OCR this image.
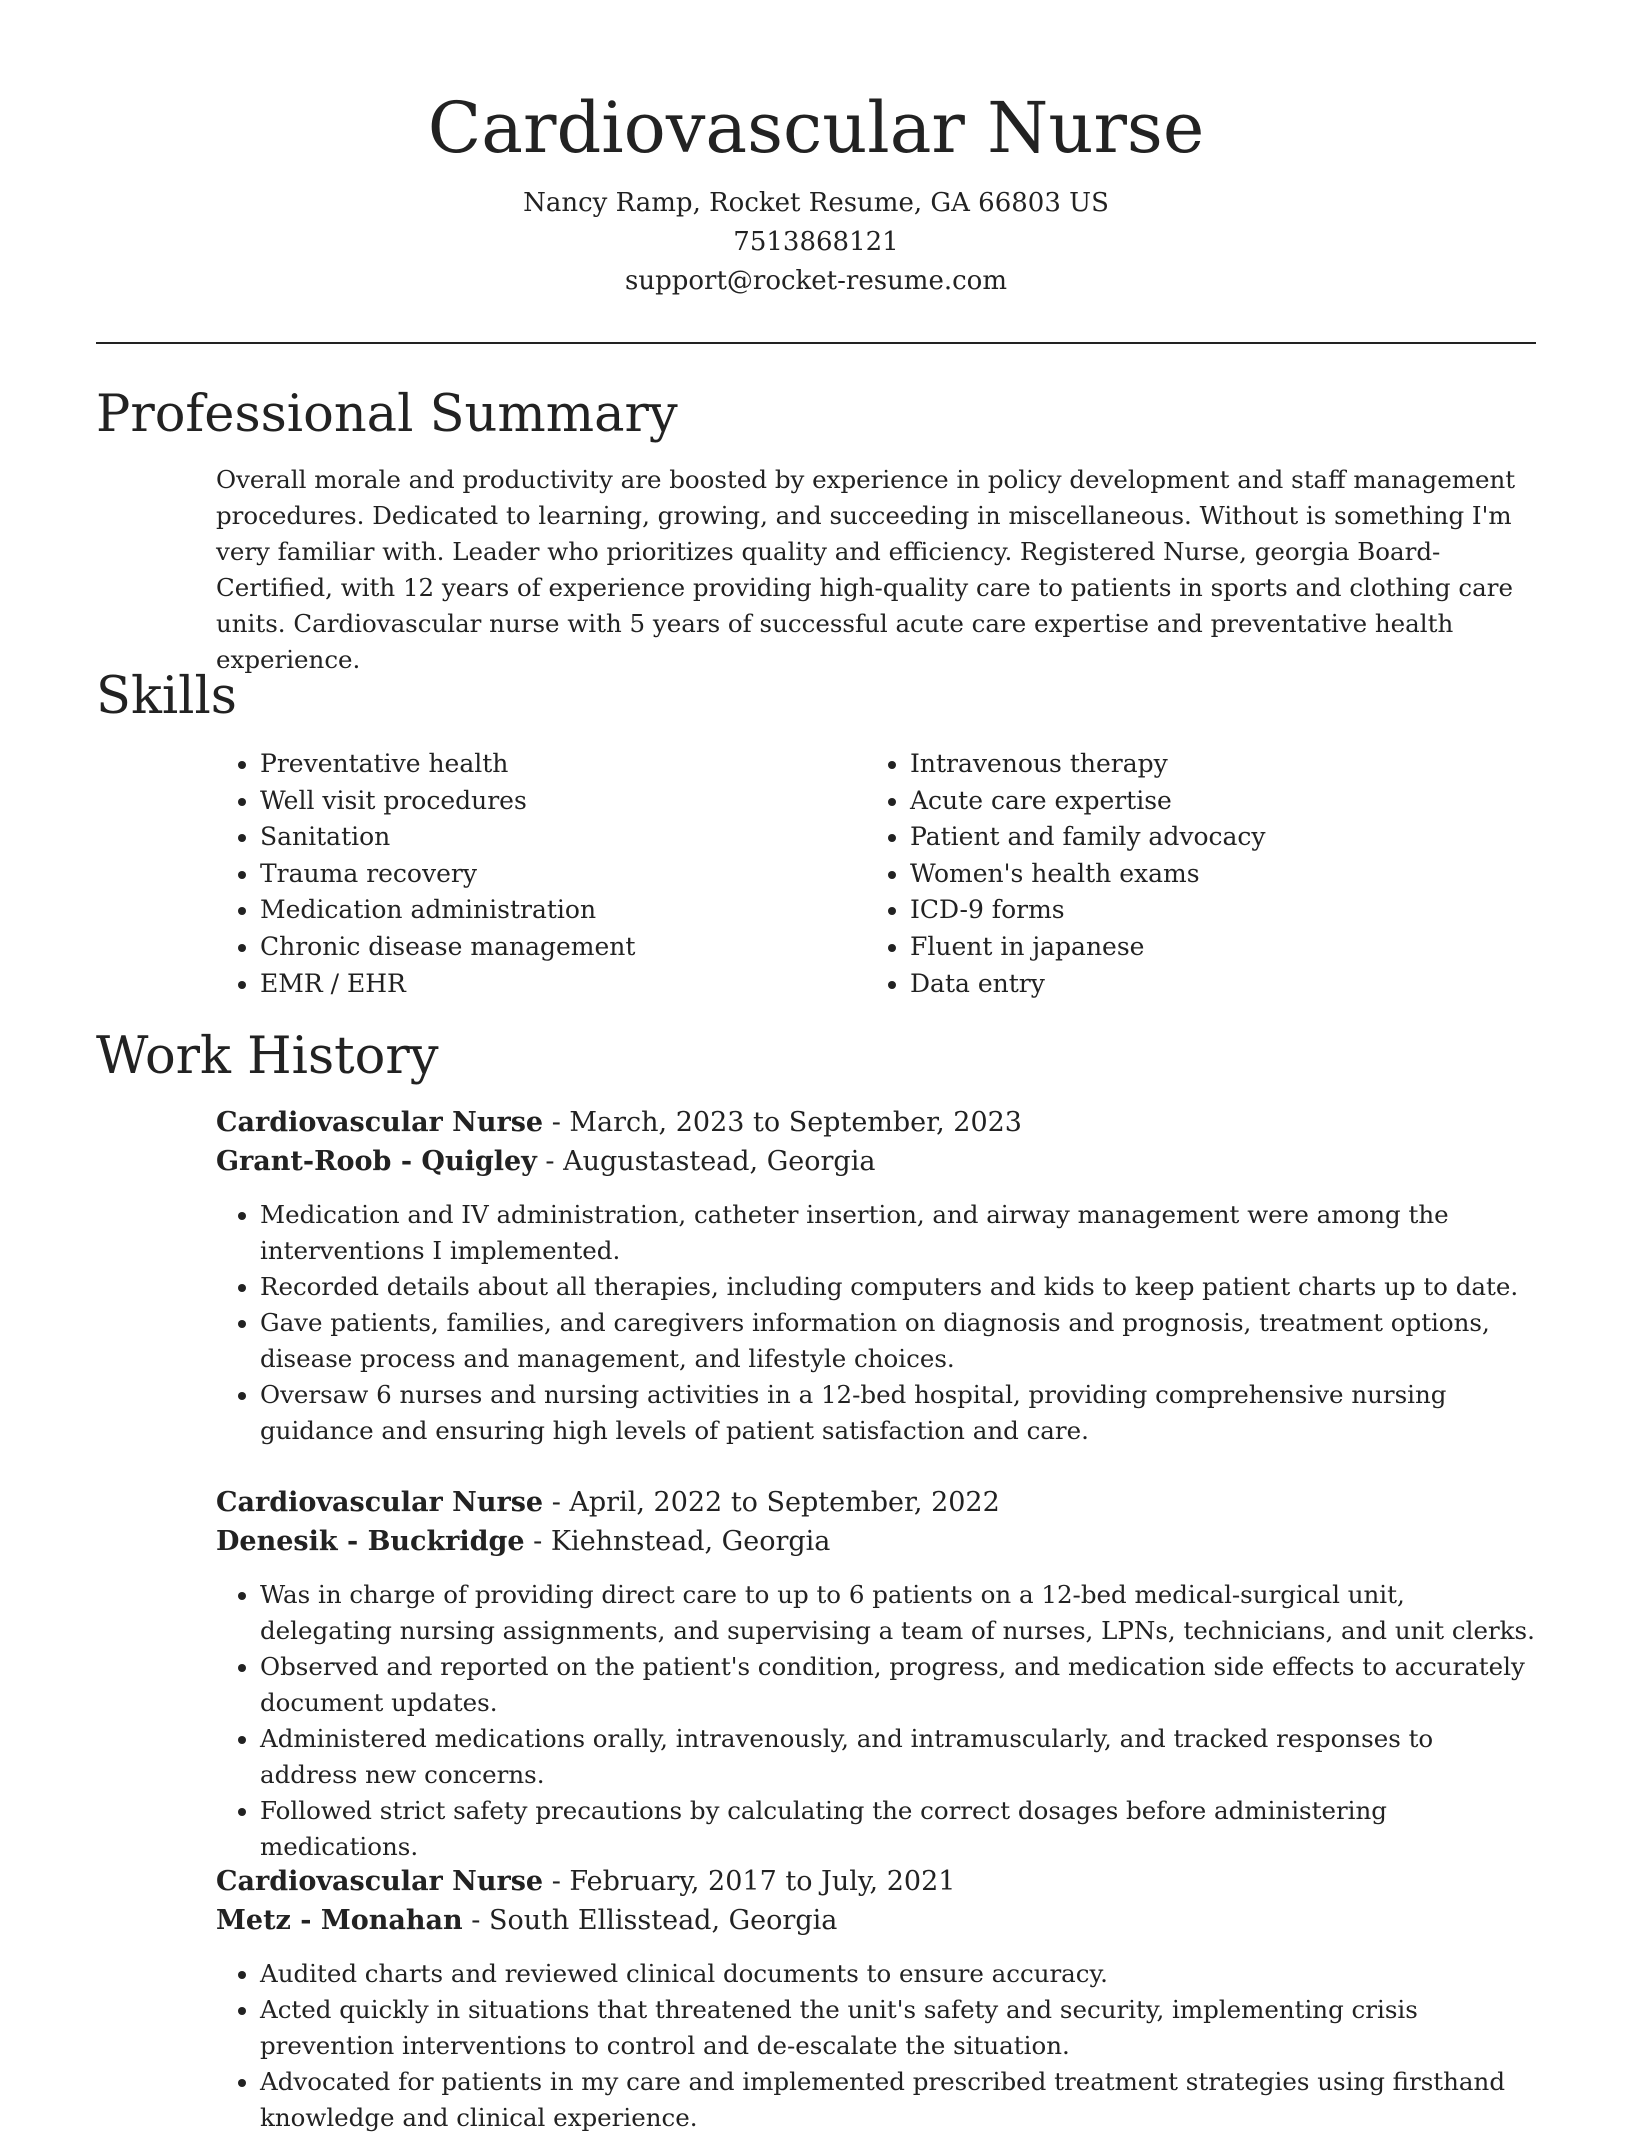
Cardiovascular Nurse

Nancy Ramp, Rocket Resume, GA 66803 US

7513868121

support@rocket-resume.com

Professional Summary

Overall morale and productivity are boosted by experience in policy development and staff management procedures. Dedicated to learning, growing, and succeeding in miscellaneous. Without is something I'm very familiar with. Leader who prioritizes quality and efficiency. Registered Nurse, georgia Board-Certified, with 12 years of experience providing high-quality care to patients in sports and clothing care units. Cardiovascular nurse with 5 years of successful acute care expertise and preventative health experience.

Skills
• Preventative health
• Well visit procedures
• Sanitation
• Trauma recovery
• Medication administration
• Chronic disease management
• EMR / EHR
• Intravenous therapy
• Acute care expertise
• Patient and family advocacy
• Women's health exams
• ICD-9 forms
• Fluent in japanese
• Data entry
Work History

Cardiovascular Nurse - March, 2023 to September, 2023

Grant-Roob - Quigley - Augustastead, Georgia

• Medication and IV administration, catheter insertion, and airway management were among the interventions I implemented.
• Recorded details about all therapies, including computers and kids to keep patient charts up to date.
• Gave patients, families, and caregivers information on diagnosis and prognosis, treatment options, disease process and management, and lifestyle choices.
• Oversaw 6 nurses and nursing activities in a 12-bed hospital, providing comprehensive nursing guidance and ensuring high levels of patient satisfaction and care.

Cardiovascular Nurse - April, 2022 to September, 2022

Denesik - Buckridge - Kiehnstead, Georgia

• Was in charge of providing direct care to up to 6 patients on a 12-bed medical-surgical unit, delegating nursing assignments, and supervising a team of nurses, LPNs, technicians, and unit clerks.
• Observed and reported on the patient's condition, progress, and medication side effects to accurately document updates.
• Administered medications orally, intravenously, and intramuscularly, and tracked responses to address new concerns.
• Followed strict safety precautions by calculating the correct dosages before administering medications.

Cardiovascular Nurse - February, 2017 to July, 2021

Metz - Monahan - South Ellisstead, Georgia

• Audited charts and reviewed clinical documents to ensure accuracy.
• Acted quickly in situations that threatened the unit's safety and security, implementing crisis prevention interventions to control and de-escalate the situation.
• Advocated for patients in my care and implemented prescribed treatment strategies using firsthand knowledge and clinical experience.
